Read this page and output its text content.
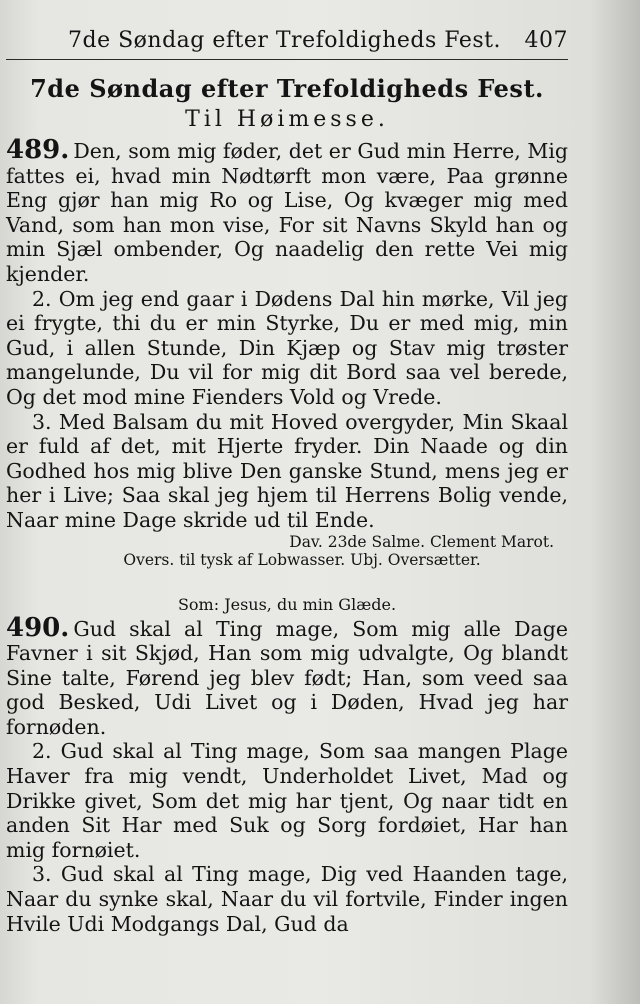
7de Søndag efter Trefoldigheds Fest. 407
7de Søndag efter Trefoldigheds Fest.
Til Høimesse.

489. Den, som mig føder, det er Gud min Herre, Mig fattes ei, hvad min Nødtørft mon være, Paa grønne Eng gjør han mig Ro og Lise, Og kvæger mig med Vand, som han mon vise, For sit Navns Skyld han og min Sjæl ombender, Og naadelig den rette Vei mig kjender.

2. Om jeg end gaar i Dødens Dal hin mørke, Vil jeg ei frygte, thi du er min Styrke, Du er med mig, min Gud, i allen Stunde, Din Kjæp og Stav mig trøster mangelunde, Du vil for mig dit Bord saa vel berede, Og det mod mine Fienders Vold og Vrede.

3. Med Balsam du mit Hoved overgyder, Min Skaal er fuld af det, mit Hjerte fryder. Din Naade og din Godhed hos mig blive Den ganske Stund, mens jeg er her i Live; Saa skal jeg hjem til Herrens Bolig vende, Naar mine Dage skride ud til Ende.

Dav. 23de Salme. Clement Marot.
Overs. til tysk af Lobwasser. Ubj. Oversætter.
Som: Jesus, du min Glæde.

490. Gud skal al Ting mage, Som mig alle Dage Favner i sit Skjød, Han som mig udvalgte, Og blandt Sine talte, Førend jeg blev født; Han, som veed saa god Besked, Udi Livet og i Døden, Hvad jeg har fornøden.

2. Gud skal al Ting mage, Som saa mangen Plage Haver fra mig vendt, Underholdet Livet, Mad og Drikke givet, Som det mig har tjent, Og naar tidt en anden Sit Har med Suk og Sorg fordøiet, Har han mig fornøiet.

3. Gud skal al Ting mage, Dig ved Haanden tage, Naar du synke skal, Naar du vil fortvile, Finder ingen Hvile Udi Modgangs Dal, Gud da
